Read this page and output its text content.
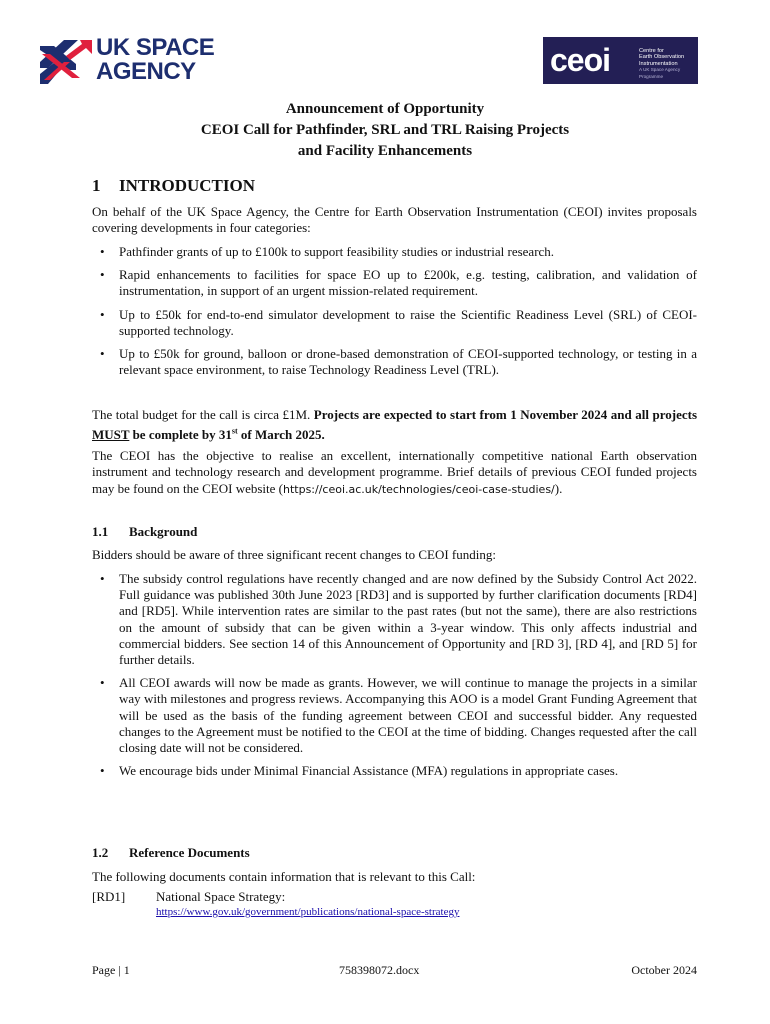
UK SPACE
AGENCY	ceoi	Centre for
Earth Observation
Instrumentation
A UK Space Agency Programme
Announcement of Opportunity
CEOI Call for Pathfinder, SRL and TRL Raising Projects
and Facility Enhancements
1 INTRODUCTION
On behalf of the UK Space Agency, the Centre for Earth Observation Instrumentation (CEOI) invites proposals covering developments in four categories:
• Pathfinder grants of up to £100k to support feasibility studies or industrial research.
• Rapid enhancements to facilities for space EO up to £200k, e.g. testing, calibration, and validation of instrumentation, in support of an urgent mission-related requirement.
• Up to £50k for end-to-end simulator development to raise the Scientific Readiness Level (SRL) of CEOI-supported technology.
• Up to £50k for ground, balloon or drone-based demonstration of CEOI-supported technology, or testing in a relevant space environment, to raise Technology Readiness Level (TRL).
The total budget for the call is circa £1M. Projects are expected to start from 1 November 2024 and all projects MUST be complete by 31st of March 2025.
The CEOI has the objective to realise an excellent, internationally competitive national Earth observation instrument and technology research and development programme. Brief details of previous CEOI funded projects may be found on the CEOI website (https://ceoi.ac.uk/technologies/ceoi-case-studies/).
1.1 Background
Bidders should be aware of three significant recent changes to CEOI funding:
• The subsidy control regulations have recently changed and are now defined by the Subsidy Control Act 2022. Full guidance was published 30th June 2023 [RD3] and is supported by further clarification documents [RD4] and [RD5]. While intervention rates are similar to the past rates (but not the same), there are also restrictions on the amount of subsidy that can be given within a 3-year window. This only affects industrial and commercial bidders. See section 14 of this Announcement of Opportunity and [RD 3], [RD 4], and [RD 5] for further details.
• All CEOI awards will now be made as grants. However, we will continue to manage the projects in a similar way with milestones and progress reviews. Accompanying this AOO is a model Grant Funding Agreement that will be used as the basis of the funding agreement between CEOI and successful bidder. Any requested changes to the Agreement must be notified to the CEOI at the time of bidding. Changes requested after the call closing date will not be considered.
• We encourage bids under Minimal Financial Assistance (MFA) regulations in appropriate cases.
1.2 Reference Documents
The following documents contain information that is relevant to this Call:
[RD1] National Space Strategy:
https://www.gov.uk/government/publications/national-space-strategy
Page | 1	758398072.docx	October 2024
